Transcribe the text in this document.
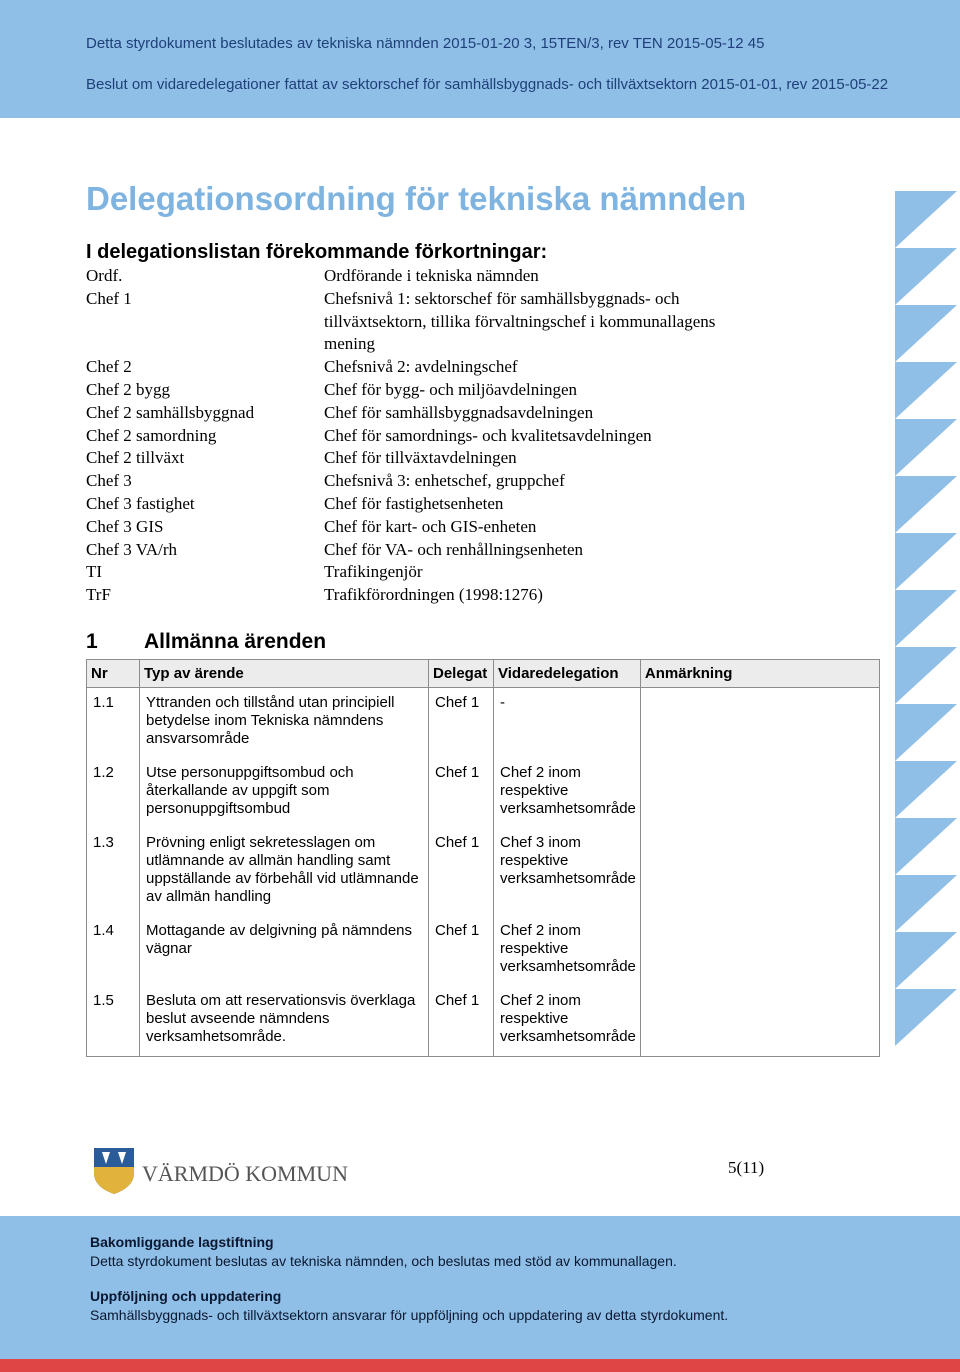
Detta styrdokument beslutades av tekniska nämnden 2015-01-20 3, 15TEN/3, rev TEN 2015-05-12 45
Beslut om vidaredelegationer fattat av sektorschef för samhällsbyggnads- och tillväxtsektorn 2015-01-01, rev 2015-05-22
Delegationsordning för tekniska nämnden
I delegationslistan förekommande förkortningar:
Ordf.	Ordförande i tekniska nämnden
Chef 1	Chefsnivå 1: sektorschef för samhällsbyggnads- och tillväxtsektorn, tillika förvaltningschef i kommunallagens mening
Chef 2	Chefsnivå 2: avdelningschef
Chef 2 bygg	Chef för bygg- och miljöavdelningen
Chef 2 samhällsbyggnad	Chef för samhällsbyggnadsavdelningen
Chef 2 samordning	Chef för samordnings- och kvalitetsavdelningen
Chef 2 tillväxt	Chef för tillväxtavdelningen
Chef 3	Chefsnivå 3: enhetschef, gruppchef
Chef 3 fastighet	Chef för fastighetsenheten
Chef 3 GIS	Chef för kart- och GIS-enheten
Chef 3 VA/rh	Chef för VA- och renhållningsenheten
TI	Trafikingenjör
TrF	Trafikförordningen (1998:1276)
1 Allmänna ärenden
Nr	Typ av ärende	Delegat	Vidaredelegation	Anmärkning
1.1	Yttranden och tillstånd utan principiell betydelse inom Tekniska nämndens ansvarsområde	Chef 1	-	
1.2	Utse personuppgiftsombud och återkallande av uppgift som personuppgiftsombud	Chef 1	Chef 2 inom respektive verksamhetsområde	
1.3	Prövning enligt sekretesslagen om utlämnande av allmän handling samt uppställande av förbehåll vid utlämnande av allmän handling	Chef 1	Chef 3 inom respektive verksamhetsområde	
1.4	Mottagande av delgivning på nämndens vägnar	Chef 1	Chef 2 inom respektive verksamhetsområde	
1.5	Besluta om att reservationsvis överklaga beslut avseende nämndens verksamhetsområde.	Chef 1	Chef 2 inom respektive verksamhetsområde	
VÄRMDÖ KOMMUN	5(11)
Bakomliggande lagstiftning
Detta styrdokument beslutas av tekniska nämnden, och beslutas med stöd av kommunallagen.
Uppföljning och uppdatering
Samhällsbyggnads- och tillväxtsektorn ansvarar för uppföljning och uppdatering av detta styrdokument.
